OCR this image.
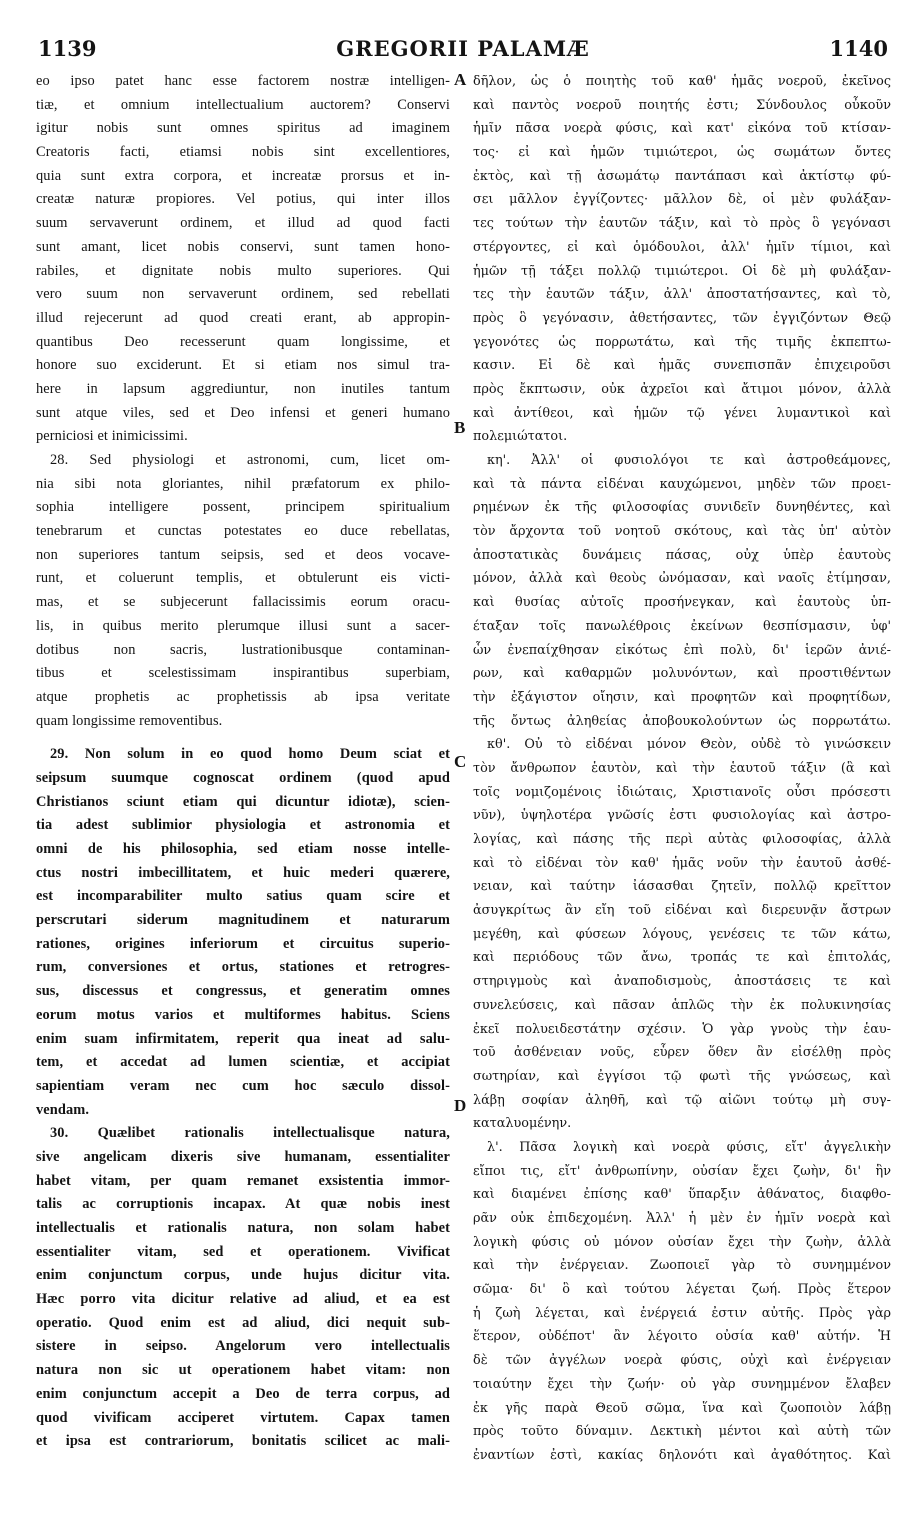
1139	GREGORII PALAMÆ	1140
eo ipso patet hanc esse factorem nostræ intelligen-
tiæ, et omnium intellectualium auctorem? Conservi
igitur nobis sunt omnes spiritus ad imaginem
Creatoris facti, etiamsi nobis sint excellentiores,
quia sunt extra corpora, et increatæ prorsus et in-
creatæ naturæ propiores. Vel potius, qui inter illos
suum servaverunt ordinem, et illud ad quod facti
sunt amant, licet nobis conservi, sunt tamen hono-
rabiles, et dignitate nobis multo superiores. Qui
vero suum non servaverunt ordinem, sed rebellati
illud rejecerunt ad quod creati erant, ab appropin-
quantibus Deo recesserunt quam longissime, et
honore suo exciderunt. Et si etiam nos simul tra-
here in lapsum aggrediuntur, non inutiles tantum
sunt atque viles, sed et Deo infensi et generi humano
perniciosi et inimicissimi.
28. Sed physiologi et astronomi, cum, licet om-
nia sibi nota gloriantes, nihil præfatorum ex philo-
sophia intelligere possent, principem spiritualium
tenebrarum et cunctas potestates eo duce rebellatas,
non superiores tantum seipsis, sed et deos vocave-
runt, et coluerunt templis, et obtulerunt eis victi-
mas, et se subjecerunt fallacissimis eorum oracu-
lis, in quibus merito plerumque illusi sunt a sacer-
dotibus non sacris, lustrationibusque contaminan-
tibus et scelestissimam inspirantibus superbiam,
atque prophetis ac prophetissis ab ipsa veritate
quam longissime removentibus.
29. Non solum in eo quod homo Deum sciat et
seipsum suumque cognoscat ordinem (quod apud
Christianos sciunt etiam qui dicuntur idiotæ), scien-
tia adest sublimior physiologia et astronomia et
omni de his philosophia, sed etiam nosse intelle-
ctus nostri imbecillitatem, et huic mederi quærere,
est incomparabiliter multo satius quam scire et
perscrutari siderum magnitudinem et naturarum
rationes, origines inferiorum et circuitus superio-
rum, conversiones et ortus, stationes et retrogres-
sus, discessus et congressus, et generatim omnes
eorum motus varios et multiformes habitus. Sciens
enim suam infirmitatem, reperit qua ineat ad salu-
tem, et accedat ad lumen scientiæ, et accipiat
sapientiam veram nec cum hoc sæculo dissol-
vendam.
30. Quælibet rationalis intellectualisque natura,
sive angelicam dixeris sive humanam, essentialiter
habet vitam, per quam remanet exsistentia immor-
talis ac corruptionis incapax. At quæ nobis inest
intellectualis et rationalis natura, non solam habet
essentialiter vitam, sed et operationem. Vivificat
enim conjunctum corpus, unde hujus dicitur vita.
Hæc porro vita dicitur relative ad aliud, et ea est
operatio. Quod enim est ad aliud, dici nequit sub-
sistere in seipso. Angelorum vero intellectualis
natura non sic ut operationem habet vitam: non
enim conjunctum accepit a Deo de terra corpus, ad
quod vivificam acciperet virtutem. Capax tamen
et ipsa est contrariorum, bonitatis scilicet ac mali-
δῆλον, ὡς ὁ ποιητὴς τοῦ καθ' ἡμᾶς νοεροῦ, ἐκεῖνος
καὶ παντὸς νοεροῦ ποιητής ἐστι; Σύνδουλος οὖκοῦν
ἡμῖν πᾶσα νοερὰ φύσις, καὶ κατ' εἰκόνα τοῦ κτίσαν-
τος· εἰ καὶ ἡμῶν τιμιώτεροι, ὡς σωμάτων ὄντες
ἐκτὸς, καὶ τῇ ἀσωμάτῳ παντάπασι καὶ ἀκτίστῳ φύ-
σει μᾶλλον ἐγγίζοντες· μᾶλλον δὲ, οἱ μὲν φυλάξαν-
τες τούτων τὴν ἑαυτῶν τάξιν, καὶ τὸ πρὸς ὃ γεγόνασι
στέργοντες, εἰ καὶ ὁμόδουλοι, ἀλλ' ἡμῖν τίμιοι, καὶ
ἡμῶν τῇ τάξει πολλῷ τιμιώτεροι. Οἱ δὲ μὴ φυλάξαν-
τες τὴν ἑαυτῶν τάξιν, ἀλλ' ἀποστατήσαντες, καὶ τὸ,
πρὸς ὃ γεγόνασιν, ἀθετήσαντες, τῶν ἐγγιζόντων Θεῷ
γεγονότες ὡς πορρωτάτω, καὶ τῆς τιμῆς ἐκπεπτω-
κασιν. Εἰ δὲ καὶ ἡμᾶς συνεπισπᾶν ἐπιχειροῦσι
πρὸς ἔκπτωσιν, οὐκ ἀχρεῖοι καὶ ἄτιμοι μόνον, ἀλλὰ
καὶ ἀντίθεοι, καὶ ἡμῶν τῷ γένει λυμαντικοὶ καὶ
πολεμιώτατοι.
κη'. Ἀλλ' οἱ φυσιολόγοι τε καὶ ἀστροθεάμονες,
καὶ τὰ πάντα εἰδέναι καυχώμενοι, μηδὲν τῶν προει-
ρημένων ἐκ τῆς φιλοσοφίας συνιδεῖν δυνηθέντες, καὶ
τὸν ἄρχοντα τοῦ νοητοῦ σκότους, καὶ τὰς ὑπ' αὐτὸν
ἀποστατικὰς δυνάμεις πάσας, οὐχ ὑπὲρ ἑαυτοὺς
μόνον, ἀλλὰ καὶ θεοὺς ὠνόμασαν, καὶ ναοῖς ἐτίμησαν,
καὶ θυσίας αὐτοῖς προσήνεγκαν, καὶ ἑαυτοὺς ὑπ-
έταξαν τοῖς πανωλέθροις ἐκείνων θεσπίσμασιν, ὑφ'
ὧν ἐνεπαίχθησαν εἰκότως ἐπὶ πολὺ, δι' ἱερῶν ἀνιέ-
ρων, καὶ καθαρμῶν μολυνόντων, καὶ προστιθέντων
τὴν ἐξάγιστον οἴησιν, καὶ προφητῶν καὶ προφητίδων,
τῆς ὄντως ἀληθείας ἀποβουκολούντων ὡς πορρωτάτω.
κθ'. Οὐ τὸ εἰδέναι μόνον Θεὸν, οὐδὲ τὸ γινώσκειν
τὸν ἄνθρωπον ἑαυτὸν, καὶ τὴν ἑαυτοῦ τάξιν (ἃ καὶ
τοῖς νομιζομένοις ἰδιώταις, Χριστιανοῖς οὖσι πρόσεστι
νῦν), ὑψηλοτέρα γνῶσίς ἐστι φυσιολογίας καὶ ἀστρο-
λογίας, καὶ πάσης τῆς περὶ αὐτὰς φιλοσοφίας, ἀλλὰ
καὶ τὸ εἰδέναι τὸν καθ' ἡμᾶς νοῦν τὴν ἑαυτοῦ ἀσθέ-
νειαν, καὶ ταύτην ἰάσασθαι ζητεῖν, πολλῷ κρεῖττον
ἀσυγκρίτως ἂν εἴη τοῦ εἰδέναι καὶ διερευνᾷν ἄστρων
μεγέθη, καὶ φύσεων λόγους, γενέσεις τε τῶν κάτω,
καὶ περιόδους τῶν ἄνω, τροπάς τε καὶ ἐπιτολάς,
στηριγμοὺς καὶ ἀναποδισμοὺς, ἀποστάσεις τε καὶ
συνελεύσεις, καὶ πᾶσαν ἁπλῶς τὴν ἐκ πολυκινησίας
ἐκεῖ πολυειδεστάτην σχέσιν. Ὁ γὰρ γνοὺς τὴν ἑαυ-
τοῦ ἀσθένειαν νοῦς, εὗρεν ὅθεν ἂν εἰσέλθῃ πρὸς
σωτηρίαν, καὶ ἐγγίσοι τῷ φωτὶ τῆς γνώσεως, καὶ
λάβῃ σοφίαν ἀληθῆ, καὶ τῷ αἰῶνι τούτῳ μὴ συγ-
καταλυομένην.
λ'. Πᾶσα λογικὴ καὶ νοερὰ φύσις, εἴτ' ἀγγελικὴν
εἴποι τις, εἴτ' ἀνθρωπίνην, οὐσίαν ἔχει ζωὴν, δι' ἣν
καὶ διαμένει ἐπίσης καθ' ὕπαρξιν ἀθάνατος, διαφθο-
ρᾶν οὐκ ἐπιδεχομένη. Ἀλλ' ἡ μὲν ἐν ἡμῖν νοερὰ καὶ
λογικὴ φύσις οὐ μόνον οὐσίαν ἔχει τὴν ζωὴν, ἀλλὰ
καὶ τὴν ἐνέργειαν. Ζωοποιεῖ γὰρ τὸ συνημμένον
σῶμα· δι' ὃ καὶ τούτου λέγεται ζωή. Πρὸς ἕτερον
ἡ ζωὴ λέγεται, καὶ ἐνέργειά ἐστιν αὐτῆς. Πρὸς γὰρ
ἕτερον, οὐδέποτ' ἂν λέγοιτο οὐσία καθ' αὑτήν. Ἡ
δὲ τῶν ἀγγέλων νοερὰ φύσις, οὐχὶ καὶ ἐνέργειαν
τοιαύτην ἔχει τὴν ζωήν· οὐ γὰρ συνημμένον ἔλαβεν
ἐκ γῆς παρὰ Θεοῦ σῶμα, ἵνα καὶ ζωοποιὸν λάβῃ
πρὸς τοῦτο δύναμιν. Δεκτικὴ μέντοι καὶ αὐτὴ τῶν
ἐναντίων ἐστὶ, κακίας δηλονότι καὶ ἀγαθότητος. Καὶ
A
B
C
D
